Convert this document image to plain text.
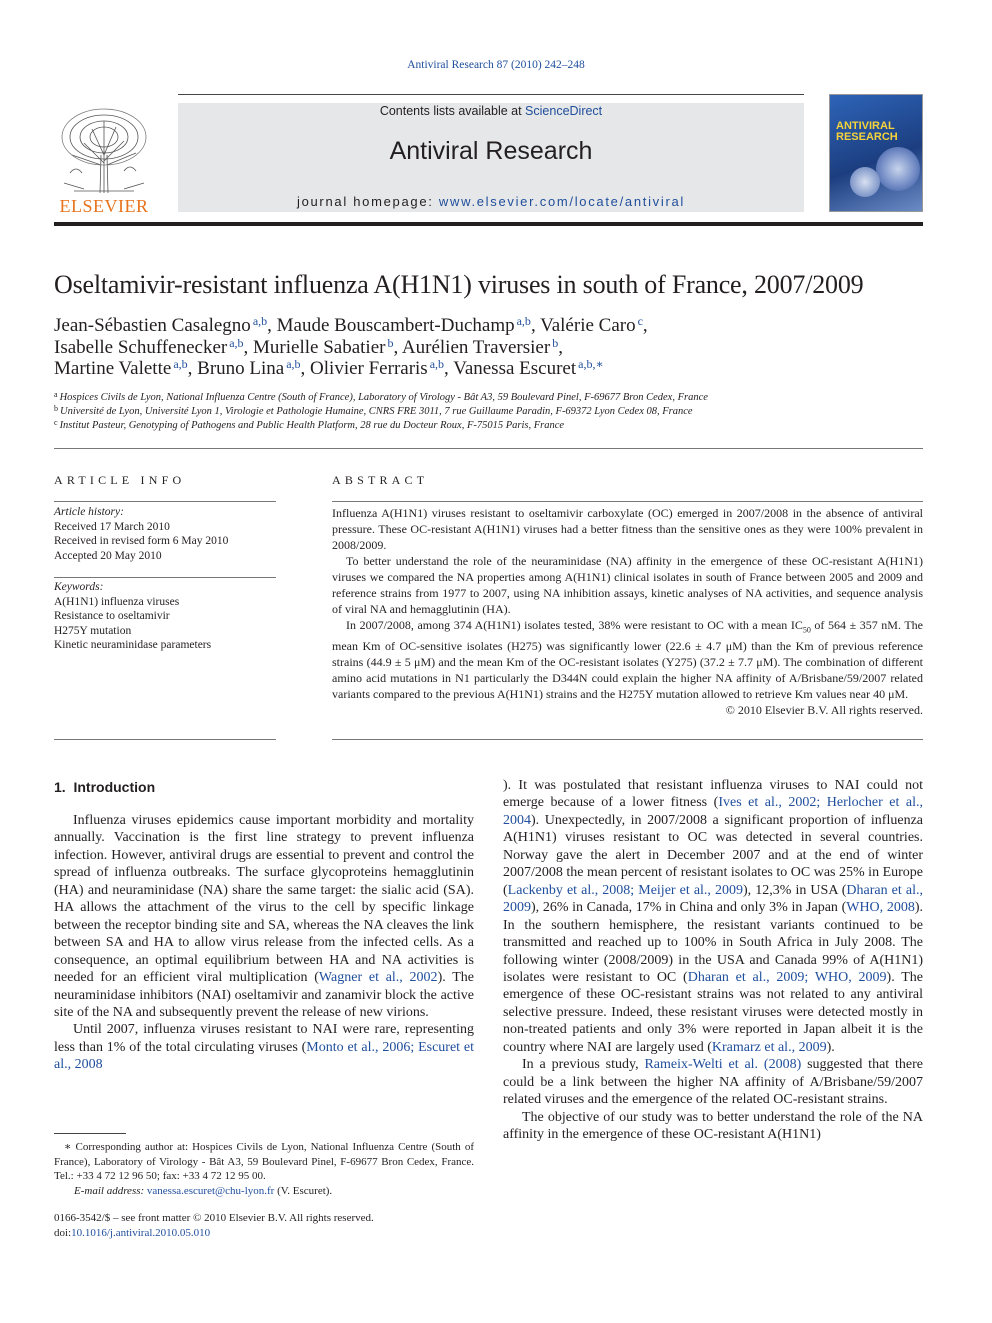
Antiviral Research 87 (2010) 242–248
ELSEVIER
Contents lists available at ScienceDirect
Antiviral Research
journal homepage: www.elsevier.com/locate/antiviral
ANTIVIRAL RESEARCH
Oseltamivir-resistant influenza A(H1N1) viruses in south of France, 2007/2009
Jean-Sébastien Casalegno $^{a,b}$, Maude Bouscambert-Duchamp $^{a,b}$, Valérie Caro $^c$,
Isabelle Schuffenecker $^{a,b}$, Murielle Sabatier $^b$, Aurélien Traversier $^b$,
Martine Valette $^{a,b}$, Bruno Lina $^{a,b}$, Olivier Ferraris $^{a,b}$, Vanessa Escuret $^{a,b,∗}$
$^a$ Hospices Civils de Lyon, National Influenza Centre (South of France), Laboratory of Virology - Bât A3, 59 Boulevard Pinel, F-69677 Bron Cedex, France
$^b$ Université de Lyon, Université Lyon 1, Virologie et Pathologie Humaine, CNRS FRE 3011, 7 rue Guillaume Paradin, F-69372 Lyon Cedex 08, France
$^c$ Institut Pasteur, Genotyping of Pathogens and Public Health Platform, 28 rue du Docteur Roux, F-75015 Paris, France
ARTICLE INFO
Article history:
Received 17 March 2010
Received in revised form 6 May 2010
Accepted 20 May 2010
Keywords:
A(H1N1) influenza viruses
Resistance to oseltamivir
H275Y mutation
Kinetic neuraminidase parameters
ABSTRACT

Influenza A(H1N1) viruses resistant to oseltamivir carboxylate (OC) emerged in 2007/2008 in the absence of antiviral pressure. These OC-resistant A(H1N1) viruses had a better fitness than the sensitive ones as they were 100% prevalent in 2008/2009.

To better understand the role of the neuraminidase (NA) affinity in the emergence of these OC-resistant A(H1N1) viruses we compared the NA properties among A(H1N1) clinical isolates in south of France between 2005 and 2009 and reference strains from 1977 to 2007, using NA inhibition assays, kinetic analyses of NA activities, and sequence analysis of viral NA and hemagglutinin (HA).

In 2007/2008, among 374 A(H1N1) isolates tested, 38% were resistant to OC with a mean $IC_{50}$ of 564 ± 357 nM. The mean Km of OC-sensitive isolates (H275) was significantly lower (22.6 ± 4.7 μM) than the Km of previous reference strains (44.9 ± 5 μM) and the mean Km of the OC-resistant isolates (Y275) (37.2 ± 7.7 μM). The combination of different amino acid mutations in N1 particularly the D344N could explain the higher NA affinity of A/Brisbane/59/2007 related variants compared to the previous A(H1N1) strains and the H275Y mutation allowed to retrieve Km values near 40 μM.

© 2010 Elsevier B.V. All rights reserved.

1. Introduction

Influenza viruses epidemics cause important morbidity and mortality annually. Vaccination is the first line strategy to prevent influenza infection. However, antiviral drugs are essential to prevent and control the spread of influenza outbreaks. The surface glycoproteins hemagglutinin (HA) and neuraminidase (NA) share the same target: the sialic acid (SA). HA allows the attachment of the virus to the cell by specific linkage between the receptor binding site and SA, whereas the NA cleaves the link between SA and HA to allow virus release from the infected cells. As a consequence, an optimal equilibrium between HA and NA activities is needed for an efficient viral multiplication (Wagner et al., 2002). The neuraminidase inhibitors (NAI) oseltamivir and zanamivir block the active site of the NA and subsequently prevent the release of new virions.

Until 2007, influenza viruses resistant to NAI were rare, representing less than 1% of the total circulating viruses (Monto et al., 2006; Escuret et al., 2008

). It was postulated that resistant influenza viruses to NAI could not emerge because of a lower fitness (Ives et al., 2002; Herlocher et al., 2004). Unexpectedly, in 2007/2008 a significant proportion of influenza A(H1N1) viruses resistant to OC was detected in several countries. Norway gave the alert in December 2007 and at the end of winter 2007/2008 the mean percent of resistant isolates to OC was 25% in Europe (Lackenby et al., 2008; Meijer et al., 2009), 12,3% in USA (Dharan et al., 2009), 26% in Canada, 17% in China and only 3% in Japan (WHO, 2008). In the southern hemisphere, the resistant variants continued to be transmitted and reached up to 100% in South Africa in July 2008. The following winter (2008/2009) in the USA and Canada 99% of A(H1N1) isolates were resistant to OC (Dharan et al., 2009; WHO, 2009). The emergence of these OC-resistant strains was not related to any antiviral selective pressure. Indeed, these resistant viruses were detected mostly in non-treated patients and only 3% were reported in Japan albeit it is the country where NAI are largely used (Kramarz et al., 2009).

In a previous study, Rameix-Welti et al. (2008) suggested that there could be a link between the higher NA affinity of A/Brisbane/59/2007 related viruses and the emergence of the related OC-resistant strains.

The objective of our study was to better understand the role of the NA affinity in the emergence of these OC-resistant A(H1N1)

∗ Corresponding author at: Hospices Civils de Lyon, National Influenza Centre (South of France), Laboratory of Virology - Bât A3, 59 Boulevard Pinel, F-69677 Bron Cedex, France. Tel.: +33 4 72 12 96 50; fax: +33 4 72 12 95 00.
E-mail address: vanessa.escuret@chu-lyon.fr (V. Escuret).
0166-3542/$ – see front matter © 2010 Elsevier B.V. All rights reserved.
doi:10.1016/j.antiviral.2010.05.010
